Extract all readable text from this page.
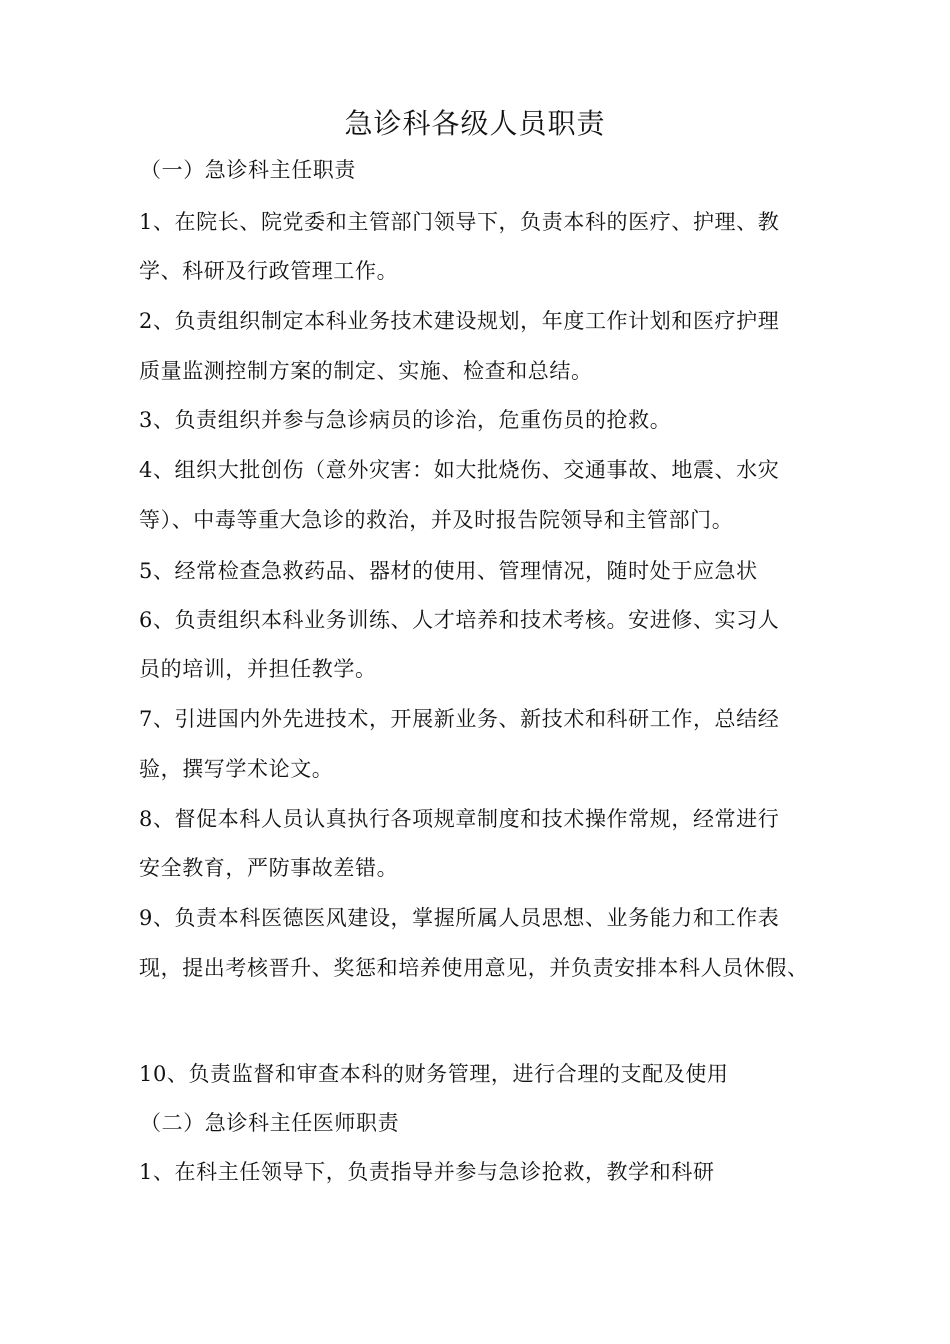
急诊科各级人员职责
（一）急诊科主任职责
1、在院长、院党委和主管部门领导下，负责本科的医疗、护理、教
学、科研及行政管理工作。
2、负责组织制定本科业务技术建设规划，年度工作计划和医疗护理
质量监测控制方案的制定、实施、检查和总结。
3、负责组织并参与急诊病员的诊治，危重伤员的抢救。
4、组织大批创伤（意外灾害：如大批烧伤、交通事故、地震、水灾
等）、中毒等重大急诊的救治，并及时报告院领导和主管部门。
5、经常检查急救药品、器材的使用、管理情况，随时处于应急状
6、负责组织本科业务训练、人才培养和技术考核。安进修、实习人
员的培训，并担任教学。
7、引进国内外先进技术，开展新业务、新技术和科研工作，总结经
验，撰写学术论文。
8、督促本科人员认真执行各项规章制度和技术操作常规，经常进行
安全教育，严防事故差错。
9、负责本科医德医风建设，掌握所属人员思想、业务能力和工作表
现，提出考核晋升、奖惩和培养使用意见，并负责安排本科人员休假、
10、负责监督和审查本科的财务管理，进行合理的支配及使用
（二）急诊科主任医师职责
1、在科主任领导下，负责指导并参与急诊抢救，教学和科研
